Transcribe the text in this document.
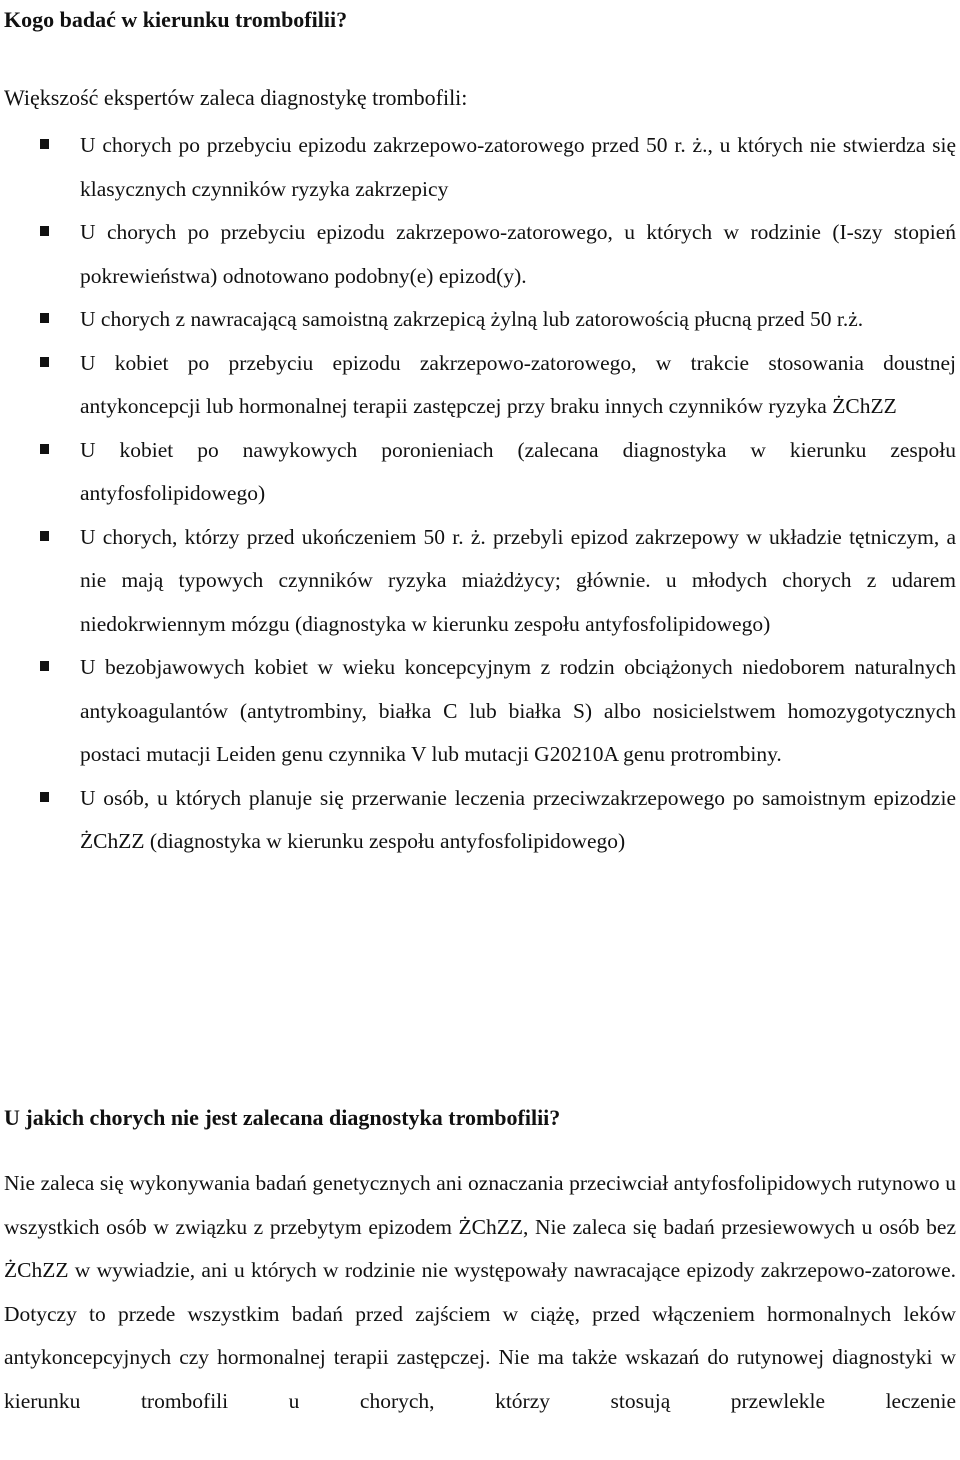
Kogo badać w kierunku trombofilii?
Większość ekspertów zaleca diagnostykę trombofili:
U chorych po przebyciu epizodu zakrzepowo-zatorowego przed 50 r. ż., u których nie stwierdza się klasycznych czynników ryzyka zakrzepicy
U chorych po przebyciu epizodu zakrzepowo-zatorowego, u których w rodzinie (I-szy stopień pokrewieństwa) odnotowano podobny(e) epizod(y).
U chorych z nawracającą samoistną zakrzepicą żylną lub zatorowością płucną przed 50 r.ż.
U kobiet po przebyciu epizodu zakrzepowo-zatorowego, w trakcie stosowania doustnej antykoncepcji lub hormonalnej terapii zastępczej przy braku innych czynników ryzyka ŻChZZ
U kobiet po nawykowych poronieniach (zalecana diagnostyka w kierunku zespołu antyfosfolipidowego)
U chorych, którzy przed ukończeniem 50 r. ż. przebyli epizod zakrzepowy w układzie tętniczym, a nie mają typowych czynników ryzyka miażdżycy; głównie. u młodych chorych z udarem niedokrwiennym mózgu (diagnostyka w kierunku zespołu antyfosfolipidowego)
U bezobjawowych kobiet w wieku koncepcyjnym z rodzin obciążonych niedoborem naturalnych antykoagulantów (antytrombiny, białka C lub białka S) albo nosicielstwem homozygotycznych postaci mutacji Leiden genu czynnika V lub mutacji G20210A genu protrombiny.
U osób, u których planuje się przerwanie leczenia przeciwzakrzepowego po samoistnym epizodzie ŻChZZ (diagnostyka w kierunku zespołu antyfosfolipidowego)
U jakich chorych nie jest zalecana diagnostyka trombofilii?

Nie zaleca się wykonywania badań genetycznych ani oznaczania przeciwciał antyfosfolipidowych rutynowo u wszystkich osób w związku z przebytym epizodem ŻChZZ, Nie zaleca się badań przesiewowych u osób bez ŻChZZ w wywiadzie, ani u których w rodzinie nie występowały nawracające epizody zakrzepowo-zatorowe. Dotyczy to przede wszystkim badań przed zajściem w ciążę, przed włączeniem hormonalnych leków antykoncepcyjnych czy hormonalnej terapii zastępczej. Nie ma także wskazań do rutynowej diagnostyki w kierunku trombofili u chorych, którzy stosują przewlekle leczenie
